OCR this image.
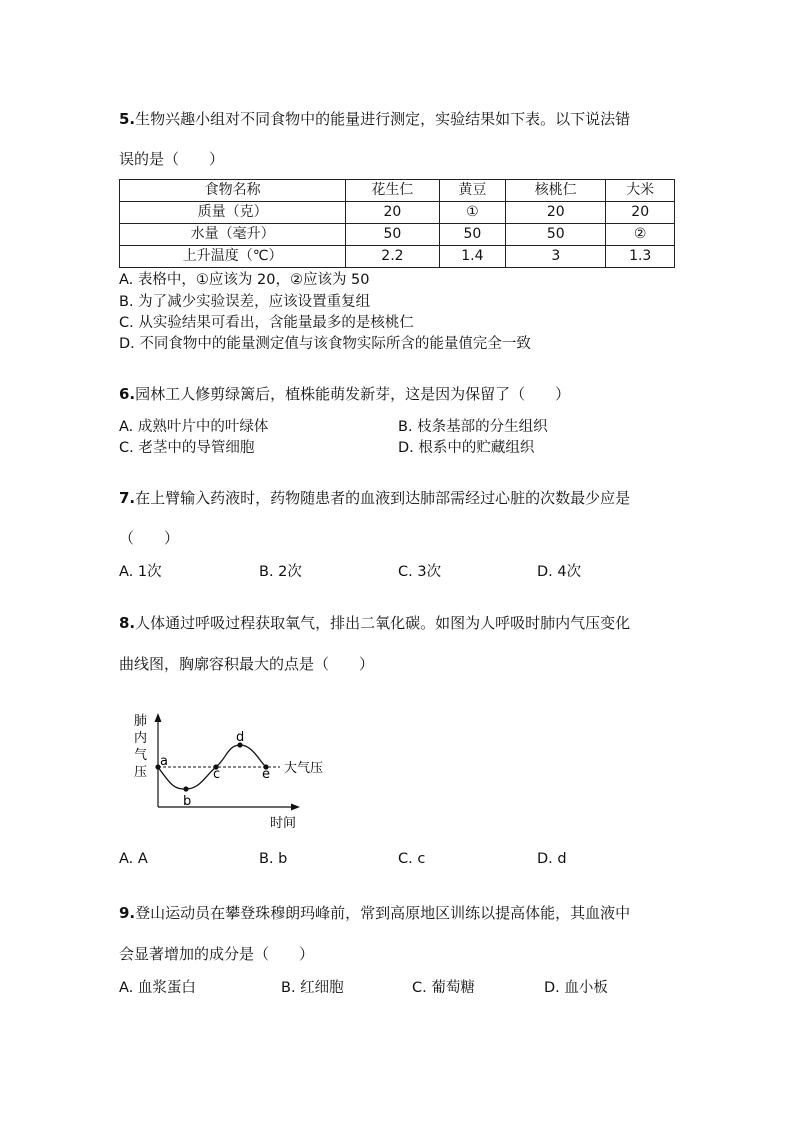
5.生物兴趣小组对不同食物中的能量进行测定，实验结果如下表。以下说法错
误的是（　　）
食物名称	花生仁	黄豆	核桃仁	大米
质量（克）	20	①	20	20
水量（毫升）	50	50	50	②
上升温度（℃）	2.2	1.4	3	1.3
A. 表格中，①应该为 20，②应该为 50
B. 为了减少实验误差，应该设置重复组
C. 从实验结果可看出，含能量最多的是核桃仁
D. 不同食物中的能量测定值与该食物实际所含的能量值完全一致
6.园林工人修剪绿篱后，植株能萌发新芽，这是因为保留了（　　）
A. 成熟叶片中的叶绿体	B. 枝条基部的分生组织
C. 老茎中的导管细胞	D. 根系中的贮藏组织
7.在上臂输入药液时，药物随患者的血液到达肺部需经过心脏的次数最少应是
（　　）
A. 1次	B. 2次	C. 3次	D. 4次
8.人体通过呼吸过程获取氧气，排出二氧化碳。如图为人呼吸时肺内气压变化
曲线图，胸廓容积最大的点是（　　）
a
b
c
d
e
肺
内
气
压	大气压
时间
A. A	B. b	C. c	D. d
9.登山运动员在攀登珠穆朗玛峰前，常到高原地区训练以提高体能，其血液中
会显著增加的成分是（　　）
A. 血浆蛋白	B. 红细胞	C. 葡萄糖	D. 血小板
